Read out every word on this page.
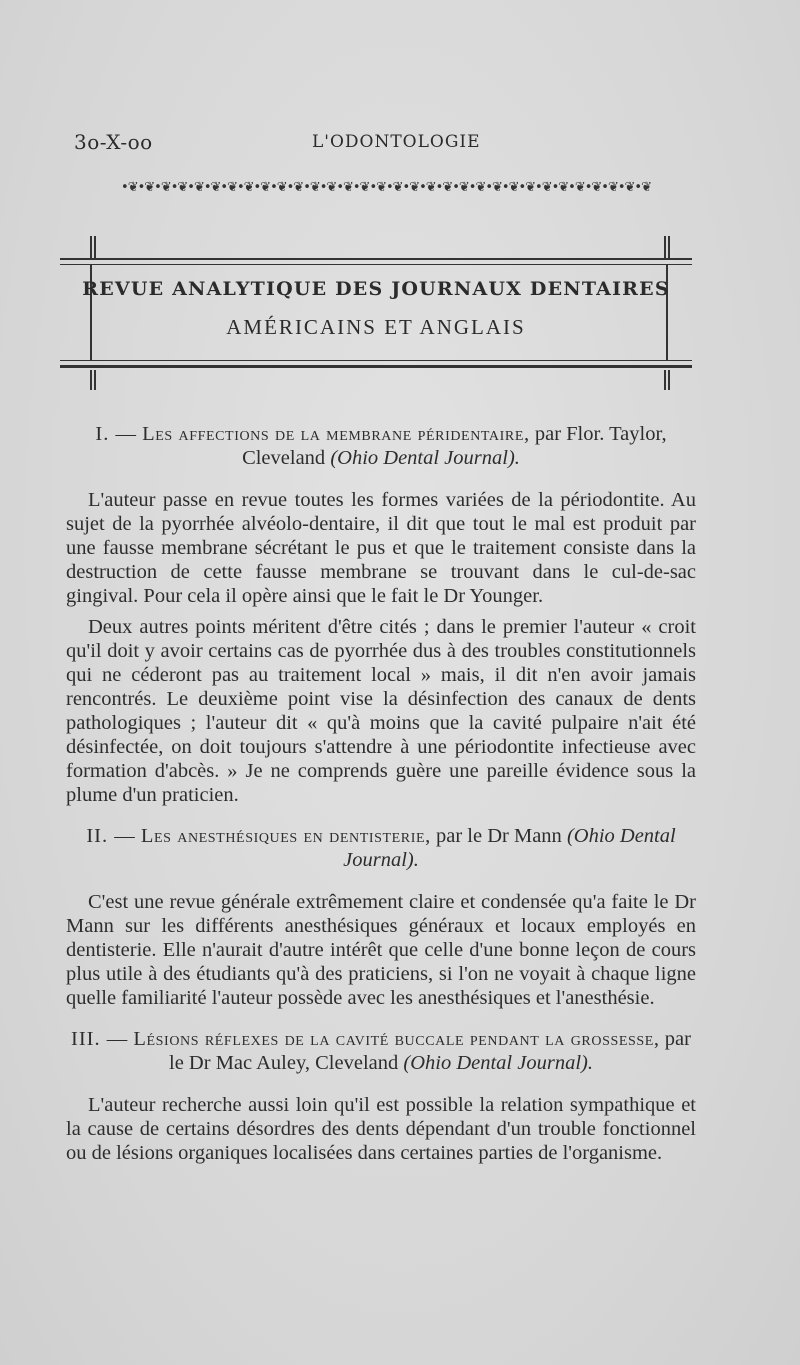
3o-X-oo	L'ODONTOLOGIE
•❦•❦•❦•❦•❦•❦•❦•❦•❦•❦•❦•❦•❦•❦•❦•❦•❦•❦•❦•❦•❦•❦•❦•❦•❦•❦•❦•❦•❦•❦•❦•❦
REVUE ANALYTIQUE DES JOURNAUX DENTAIRES
AMÉRICAINS ET ANGLAIS
I. — Les affections de la membrane péridentaire, par Flor. Taylor, Cleveland (Ohio Dental Journal).

L'auteur passe en revue toutes les formes variées de la périodontite. Au sujet de la pyorrhée alvéolo-dentaire, il dit que tout le mal est produit par une fausse membrane sécrétant le pus et que le traitement consiste dans la destruction de cette fausse membrane se trouvant dans le cul-de-sac gingival. Pour cela il opère ainsi que le fait le Dr Younger.

Deux autres points méritent d'être cités ; dans le premier l'auteur « croit qu'il doit y avoir certains cas de pyorrhée dus à des troubles constitutionnels qui ne céderont pas au traitement local » mais, il dit n'en avoir jamais rencontrés. Le deuxième point vise la désinfection des canaux de dents pathologiques ; l'auteur dit « qu'à moins que la cavité pulpaire n'ait été désinfectée, on doit toujours s'attendre à une périodontite infectieuse avec formation d'abcès. » Je ne comprends guère une pareille évidence sous la plume d'un praticien.

II. — Les anesthésiques en dentisterie, par le Dr Mann (Ohio Dental Journal).

C'est une revue générale extrêmement claire et condensée qu'a faite le Dr Mann sur les différents anesthésiques généraux et locaux employés en dentisterie. Elle n'aurait d'autre intérêt que celle d'une bonne leçon de cours plus utile à des étudiants qu'à des praticiens, si l'on ne voyait à chaque ligne quelle familiarité l'auteur possède avec les anesthésiques et l'anesthésie.

III. — Lésions réflexes de la cavité buccale pendant la grossesse, par le Dr Mac Auley, Cleveland (Ohio Dental Journal).

L'auteur recherche aussi loin qu'il est possible la relation sympathique et la cause de certains désordres des dents dépendant d'un trouble fonctionnel ou de lésions organiques localisées dans certaines parties de l'organisme.
